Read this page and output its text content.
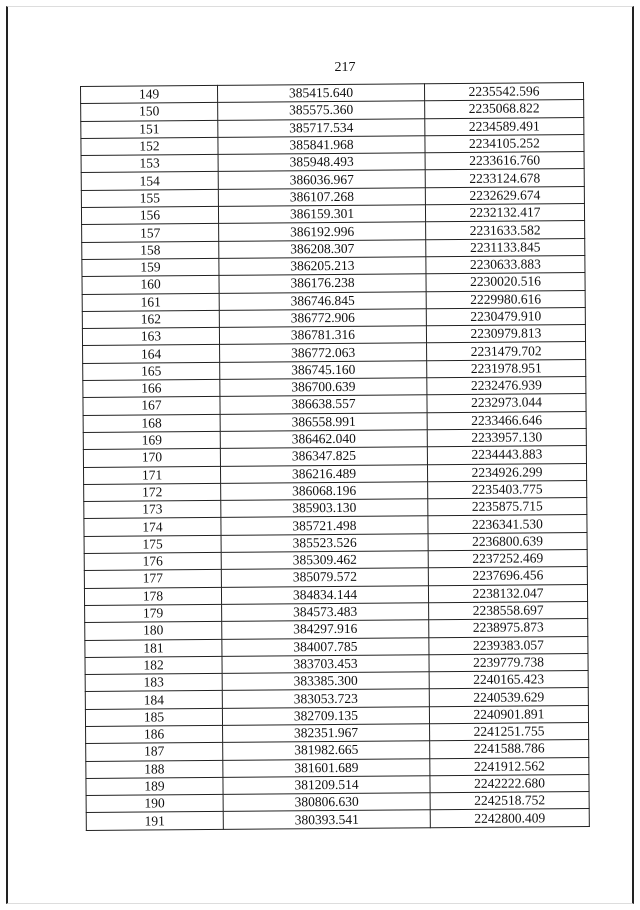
217
149	385415.640	2235542.596
150	385575.360	2235068.822
151	385717.534	2234589.491
152	385841.968	2234105.252
153	385948.493	2233616.760
154	386036.967	2233124.678
155	386107.268	2232629.674
156	386159.301	2232132.417
157	386192.996	2231633.582
158	386208.307	2231133.845
159	386205.213	2230633.883
160	386176.238	2230020.516
161	386746.845	2229980.616
162	386772.906	2230479.910
163	386781.316	2230979.813
164	386772.063	2231479.702
165	386745.160	2231978.951
166	386700.639	2232476.939
167	386638.557	2232973.044
168	386558.991	2233466.646
169	386462.040	2233957.130
170	386347.825	2234443.883
171	386216.489	2234926.299
172	386068.196	2235403.775
173	385903.130	2235875.715
174	385721.498	2236341.530
175	385523.526	2236800.639
176	385309.462	2237252.469
177	385079.572	2237696.456
178	384834.144	2238132.047
179	384573.483	2238558.697
180	384297.916	2238975.873
181	384007.785	2239383.057
182	383703.453	2239779.738
183	383385.300	2240165.423
184	383053.723	2240539.629
185	382709.135	2240901.891
186	382351.967	2241251.755
187	381982.665	2241588.786
188	381601.689	2241912.562
189	381209.514	2242222.680
190	380806.630	2242518.752
191	380393.541	2242800.409
